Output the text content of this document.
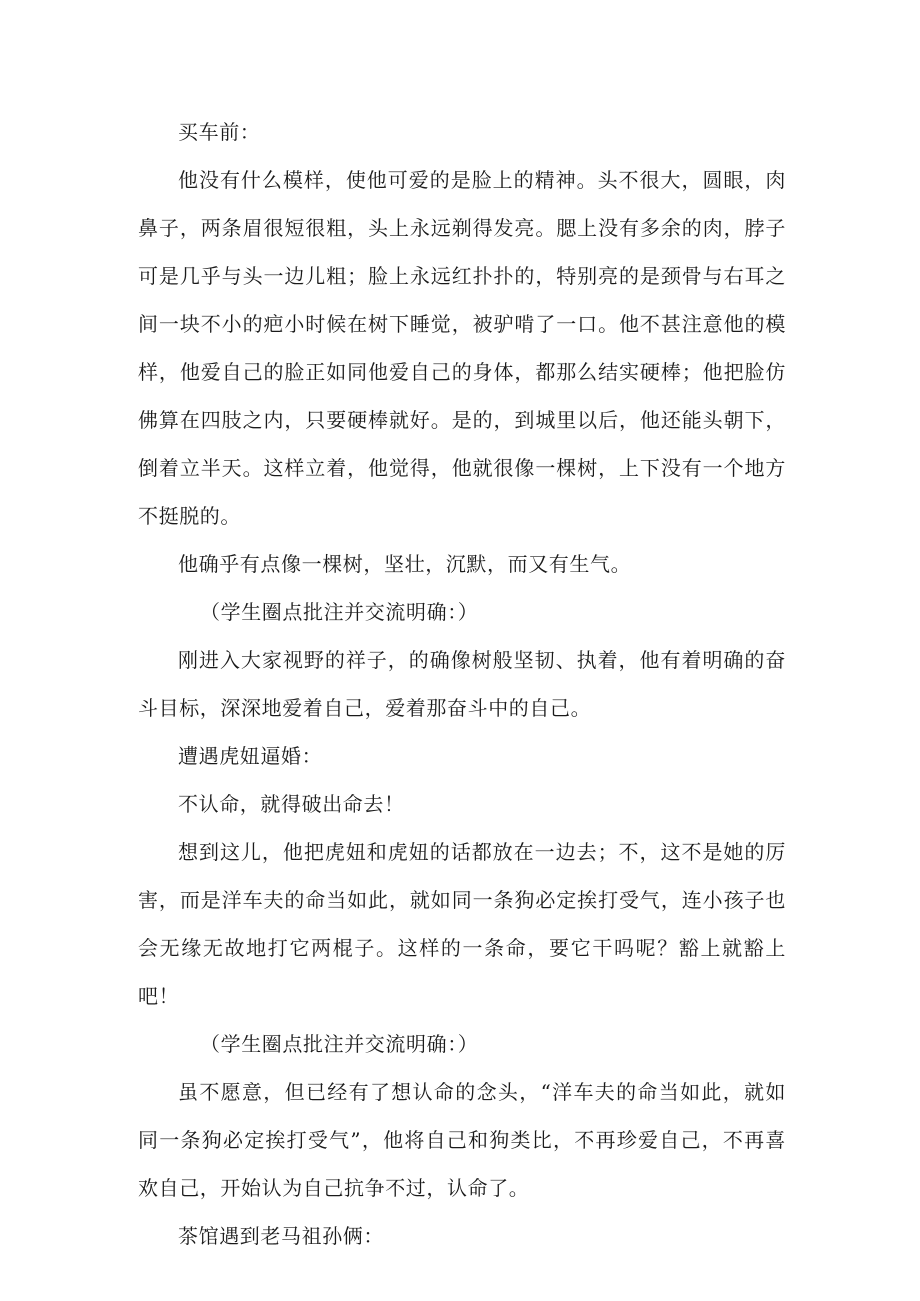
买车前：

他没有什么模样，使他可爱的是脸上的精神。头不很大，圆眼，肉鼻子，两条眉很短很粗，头上永远剃得发亮。腮上没有多余的肉，脖子可是几乎与头一边儿粗；脸上永远红扑扑的，特别亮的是颈骨与右耳之间一块不小的疤小时候在树下睡觉，被驴啃了一口。他不甚注意他的模样，他爱自己的脸正如同他爱自己的身体，都那么结实硬棒；他把脸仿佛算在四肢之内，只要硬棒就好。是的，到城里以后，他还能头朝下，倒着立半天。这样立着，他觉得，他就很像一棵树，上下没有一个地方不挺脱的。

他确乎有点像一棵树，坚壮，沉默，而又有生气。

（学生圈点批注并交流明确：）

刚进入大家视野的祥子，的确像树般坚韧、执着，他有着明确的奋斗目标，深深地爱着自己，爱着那奋斗中的自己。

遭遇虎妞逼婚：

不认命，就得破出命去！

想到这儿，他把虎妞和虎妞的话都放在一边去；不，这不是她的厉害，而是洋车夫的命当如此，就如同一条狗必定挨打受气，连小孩子也会无缘无故地打它两棍子。这样的一条命，要它干吗呢？豁上就豁上吧！

（学生圈点批注并交流明确：）

虽不愿意，但已经有了想认命的念头，“洋车夫的命当如此，就如同一条狗必定挨打受气”，他将自己和狗类比，不再珍爱自己，不再喜欢自己，开始认为自己抗争不过，认命了。

茶馆遇到老马祖孙俩：
